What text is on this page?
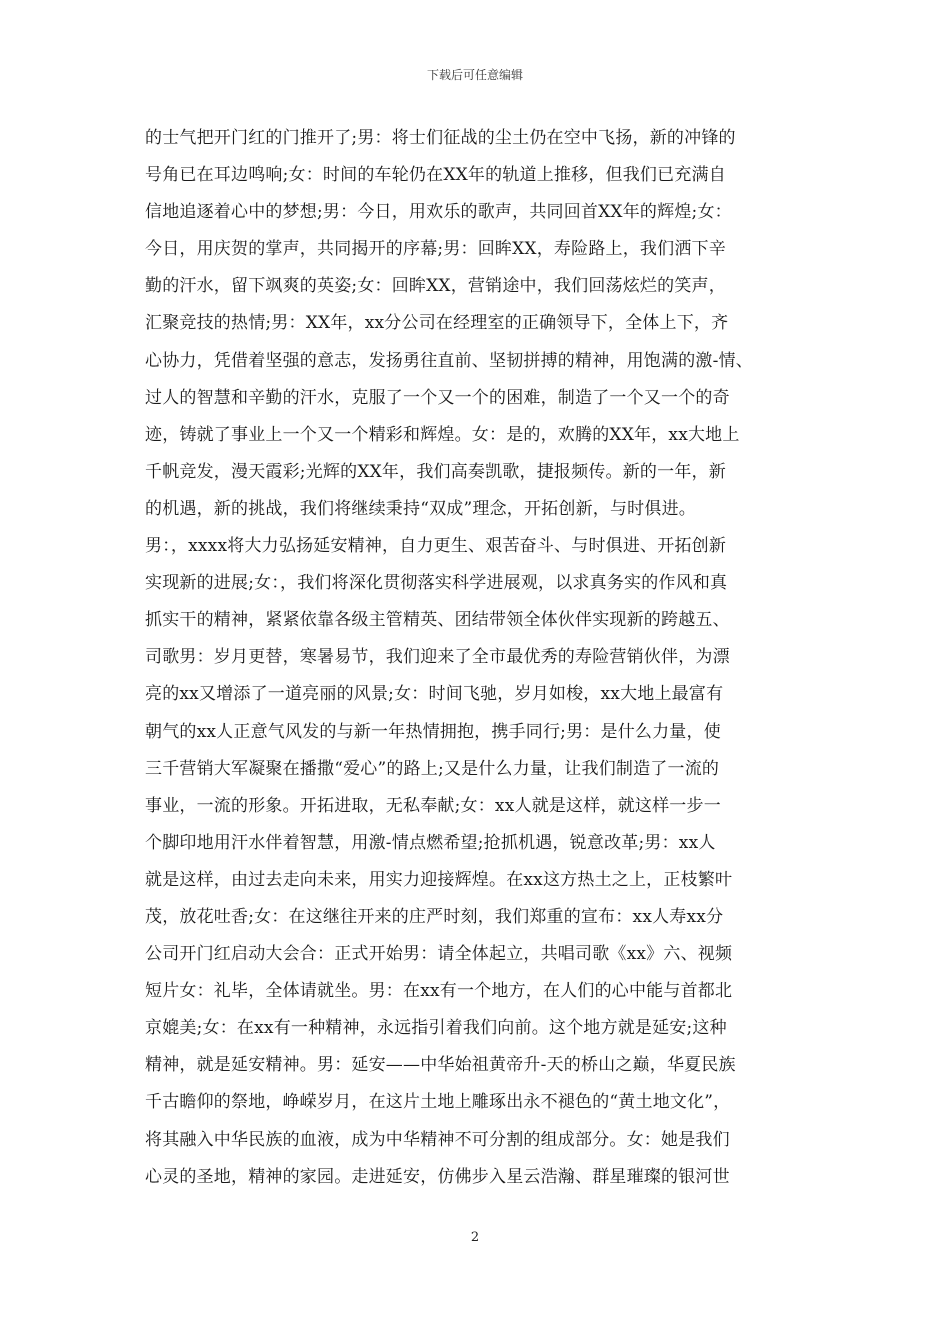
下载后可任意编辑
的士气把开门红的门推开了;男：将士们征战的尘土仍在空中飞扬，新的冲锋的
号角已在耳边鸣响;女：时间的车轮仍在XX年的轨道上推移，但我们已充满自
信地追逐着心中的梦想;男：今日，用欢乐的歌声，共同回首XX年的辉煌;女：
今日，用庆贺的掌声，共同揭开的序幕;男：回眸XX，寿险路上，我们洒下辛
勤的汗水，留下飒爽的英姿;女：回眸XX，营销途中，我们回荡炫烂的笑声，
汇聚竞技的热情;男：XX年，xx分公司在经理室的正确领导下，全体上下，齐
心协力，凭借着坚强的意志，发扬勇往直前、坚韧拼搏的精神，用饱满的激-情、
过人的智慧和辛勤的汗水，克服了一个又一个的困难，制造了一个又一个的奇
迹，铸就了事业上一个又一个精彩和辉煌。女：是的，欢腾的XX年，xx大地上
千帆竞发，漫天霞彩;光辉的XX年，我们高奏凯歌，捷报频传。新的一年，新
的机遇，新的挑战，我们将继续秉持“双成”理念，开拓创新，与时俱进。
男：，xxxx将大力弘扬延安精神，自力更生、艰苦奋斗、与时俱进、开拓创新
实现新的进展;女：，我们将深化贯彻落实科学进展观，以求真务实的作风和真
抓实干的精神，紧紧依靠各级主管精英、团结带领全体伙伴实现新的跨越五、
司歌男：岁月更替，寒暑易节，我们迎来了全市最优秀的寿险营销伙伴，为漂
亮的xx又增添了一道亮丽的风景;女：时间飞驰，岁月如梭，xx大地上最富有
朝气的xx人正意气风发的与新一年热情拥抱，携手同行;男：是什么力量，使
三千营销大军凝聚在播撒“爱心”的路上;又是什么力量，让我们制造了一流的
事业，一流的形象。开拓进取，无私奉献;女：xx人就是这样，就这样一步一
个脚印地用汗水伴着智慧，用激-情点燃希望;抢抓机遇，锐意改革;男：xx人
就是这样，由过去走向未来，用实力迎接辉煌。在xx这方热土之上，正枝繁叶
茂，放花吐香;女：在这继往开来的庄严时刻，我们郑重的宣布：xx人寿xx分
公司开门红启动大会合：正式开始男：请全体起立，共唱司歌《xx》六、视频
短片女：礼毕，全体请就坐。男：在xx有一个地方，在人们的心中能与首都北
京媲美;女：在xx有一种精神，永远指引着我们向前。这个地方就是延安;这种
精神，就是延安精神。男：延安——中华始祖黄帝升-天的桥山之巅，华夏民族
千古瞻仰的祭地，峥嵘岁月，在这片土地上雕琢出永不褪色的“黄土地文化”，
将其融入中华民族的血液，成为中华精神不可分割的组成部分。女：她是我们
心灵的圣地，精神的家园。走进延安，仿佛步入星云浩瀚、群星璀璨的银河世
2
